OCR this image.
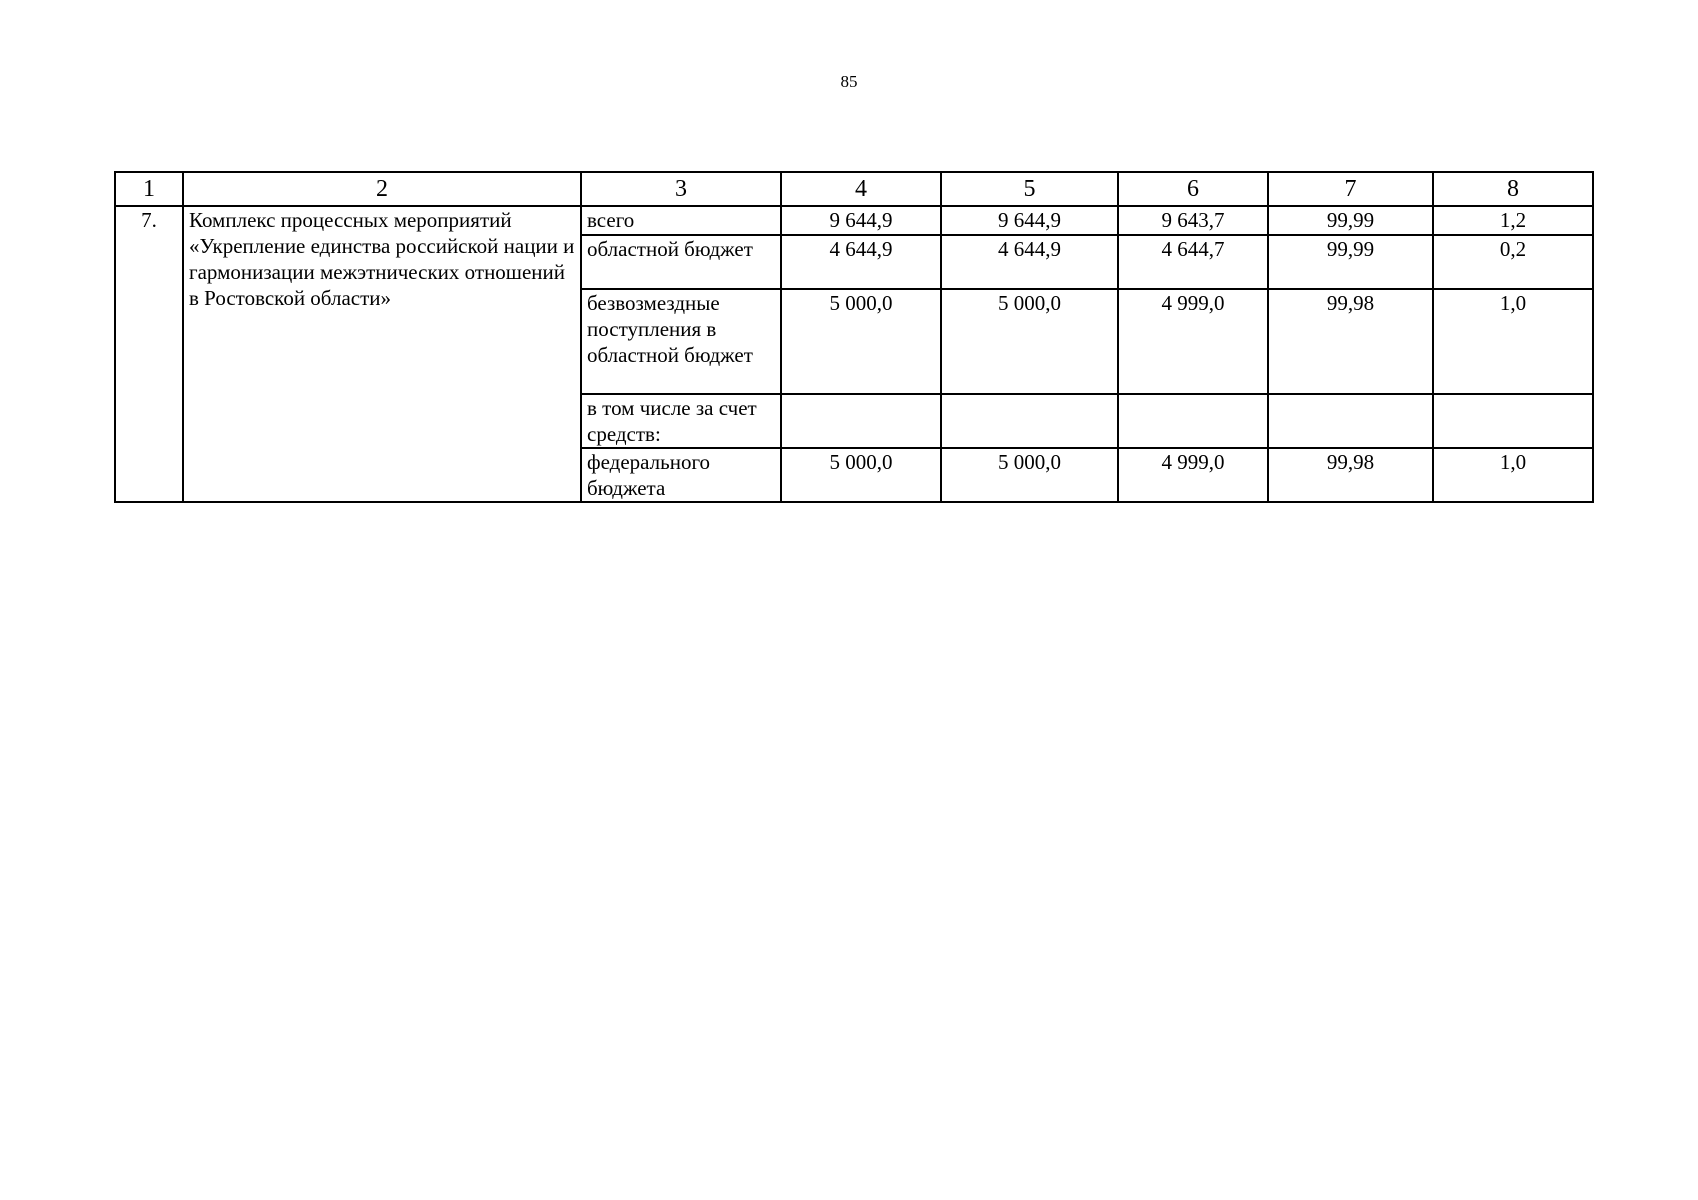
85
1	2	3	4	5	6	7	8
7.	Комплекс процессных мероприятий «Укрепление единства российской нации и гармонизации межэтнических отношений в Ростовской области»	всего	9 644,9	9 644,9	9 643,7	99,99	1,2
		областной бюджет	4 644,9	4 644,9	4 644,7	99,99	0,2
		безвозмездные поступления в областной бюджет	5 000,0	5 000,0	4 999,0	99,98	1,0
		в том числе за счет средств:					
		федерального бюджета	5 000,0	5 000,0	4 999,0	99,98	1,0
